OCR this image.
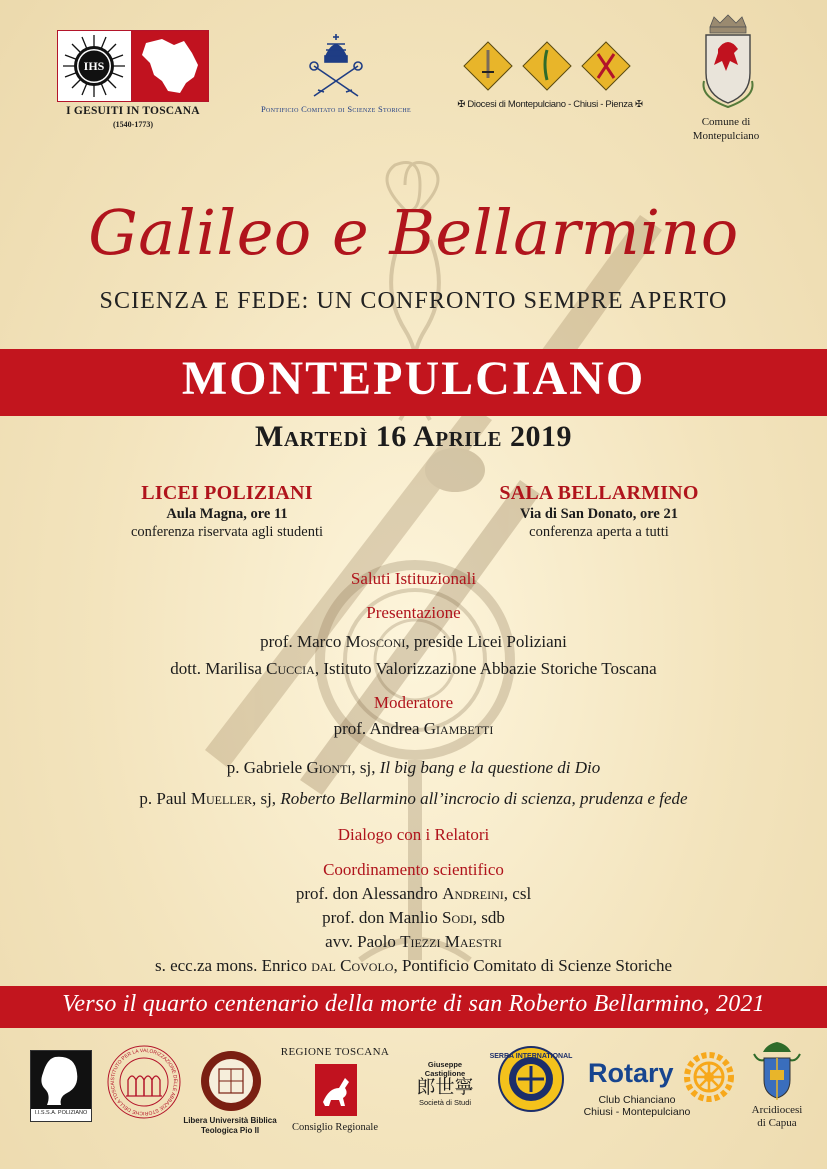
IHS
I GESUITI IN TOSCANA
(1540-1773)
Pontificio Comitato di Scienze Storiche	✠ Diocesi di Montepulciano - Chiusi - Pienza ✠
Comune di
Montepulciano
Galileo e Bellarmino
SCIENZA E FEDE: UN CONFRONTO SEMPRE APERTO
MONTEPULCIANO
Martedì 16 Aprile 2019
LICEI POLIZIANI
Aula Magna, ore 11
conferenza riservata agli studenti
SALA BELLARMINO
Via di San Donato, ore 21
conferenza aperta a tutti
Saluti Istituzionali
Presentazione
prof. Marco Mosconi, preside Licei Poliziani
dott. Marilisa Cuccia, Istituto Valorizzazione Abbazie Storiche Toscana
Moderatore
prof. Andrea Giambetti
p. Gabriele Gionti, sj, Il big bang e la questione di Dio
p. Paul Mueller, sj, Roberto Bellarmino all’incrocio di scienza, prudenza e fede
Dialogo con i Relatori
Coordinamento scientifico
prof. don Alessandro Andreini, csl
prof. don Manlio Sodi, sdb
avv. Paolo Tiezzi Maestri
s. ecc.za mons. Enrico dal Covolo, Pontificio Comitato di Scienze Storiche
Verso il quarto centenario della morte di san Roberto Bellarmino, 2021
I.I.S.S.A. POLIZIANO
ISTITUTO PER LA VALORIZZAZIONE DELLE ABBAZIE STORICHE DELLA TOSCA
Libera Università Biblica
Teologica Pio II
REGIONE TOSCANA
Consiglio Regionale
Giuseppe Castiglione
郎世寧
Società di Studi
SERRA INTERNATIONAL
Rotary
Club Chianciano
Chiusi - Montepulciano	Arcidiocesi
di Capua
